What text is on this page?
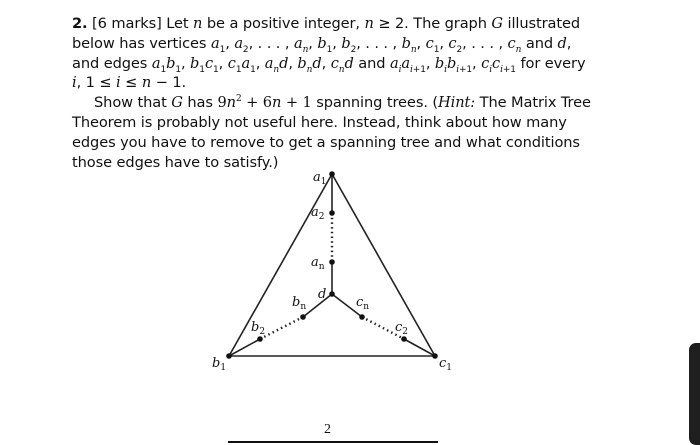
2. [6 marks] Let n be a positive integer, n ≥ 2. The graph G illustrated below has vertices $a_1$, $a_2$, . . . , $a_n$, $b_1$, $b_2$, . . . , $b_n$, $c_1$, $c_2$, . . . , $c_n$ and d, and edges $a_1b_1$, $b_1c_1$, $c_1a_1$, $a_nd$, $b_nd$, $c_nd$ and $a_ia_{i+1}$, $b_ib_{i+1}$, $c_ic_{i+1}$ for every i, 1 ≤ i ≤ n − 1.

Show that G has $9n^2 + 6n + 1$ spanning trees. (Hint: The Matrix Tree Theorem is probably not useful here. Instead, think about how many edges you have to remove to get a spanning tree and what conditions those edges have to satisfy.)

a1
a2
an
d
bn
b2
b1
cn
c2
c1
2
